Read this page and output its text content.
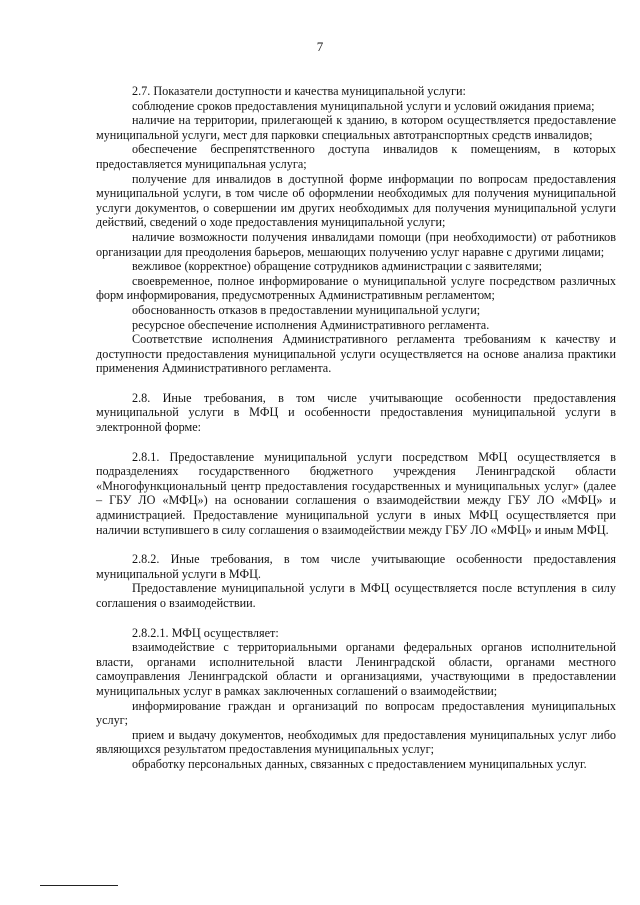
7

2.7. Показатели доступности и качества муниципальной услуги:

соблюдение сроков предоставления муниципальной услуги и условий ожидания приема;

наличие на территории, прилегающей к зданию, в котором осуществляется предоставление муниципальной услуги, мест для парковки специальных автотранспортных средств инвалидов;

обеспечение беспрепятственного доступа инвалидов к помещениям, в которых предоставляется муниципальная услуга;

получение для инвалидов в доступной форме информации по вопросам предоставления муниципальной услуги, в том числе об оформлении необходимых для получения муниципальной услуги документов, о совершении им других необходимых для получения муниципальной услуги действий, сведений о ходе предоставления муниципальной услуги;

наличие возможности получения инвалидами помощи (при необходимости) от работников организации для преодоления барьеров, мешающих получению услуг наравне с другими лицами;

вежливое (корректное) обращение сотрудников администрации с заявителями;

своевременное, полное информирование о муниципальной услуге посредством различных форм информирования, предусмотренных Административным регламентом;

обоснованность отказов в предоставлении муниципальной услуги;

ресурсное обеспечение исполнения Административного регламента.

Соответствие исполнения Административного регламента требованиям к качеству и доступности предоставления муниципальной услуги осуществляется на основе анализа практики применения Административного регламента.

2.8. Иные требования, в том числе учитывающие особенности предоставления муниципальной услуги в МФЦ и особенности предоставления муниципальной услуги в электронной форме:

2.8.1. Предоставление муниципальной услуги посредством МФЦ осуществляется в подразделениях государственного бюджетного учреждения Ленинградской области «Многофункциональный центр предоставления государственных и муниципальных услуг» (далее – ГБУ ЛО «МФЦ») на основании соглашения о взаимодействии между ГБУ ЛО «МФЦ» и администрацией. Предоставление муниципальной услуги в иных МФЦ осуществляется при наличии вступившего в силу соглашения о взаимодействии между ГБУ ЛО «МФЦ» и иным МФЦ.

2.8.2. Иные требования, в том числе учитывающие особенности предоставления муниципальной услуги в МФЦ.

Предоставление муниципальной услуги в МФЦ осуществляется после вступления в силу соглашения о взаимодействии.

2.8.2.1. МФЦ осуществляет:

взаимодействие с территориальными органами федеральных органов исполнительной власти, органами исполнительной власти Ленинградской области, органами местного самоуправления Ленинградской области и организациями, участвующими в предоставлении муниципальных услуг в рамках заключенных соглашений о взаимодействии;

информирование граждан и организаций по вопросам предоставления муниципальных услуг;

прием и выдачу документов, необходимых для предоставления муниципальных услуг либо являющихся результатом предоставления муниципальных услуг;

обработку персональных данных, связанных с предоставлением муниципальных услуг.
